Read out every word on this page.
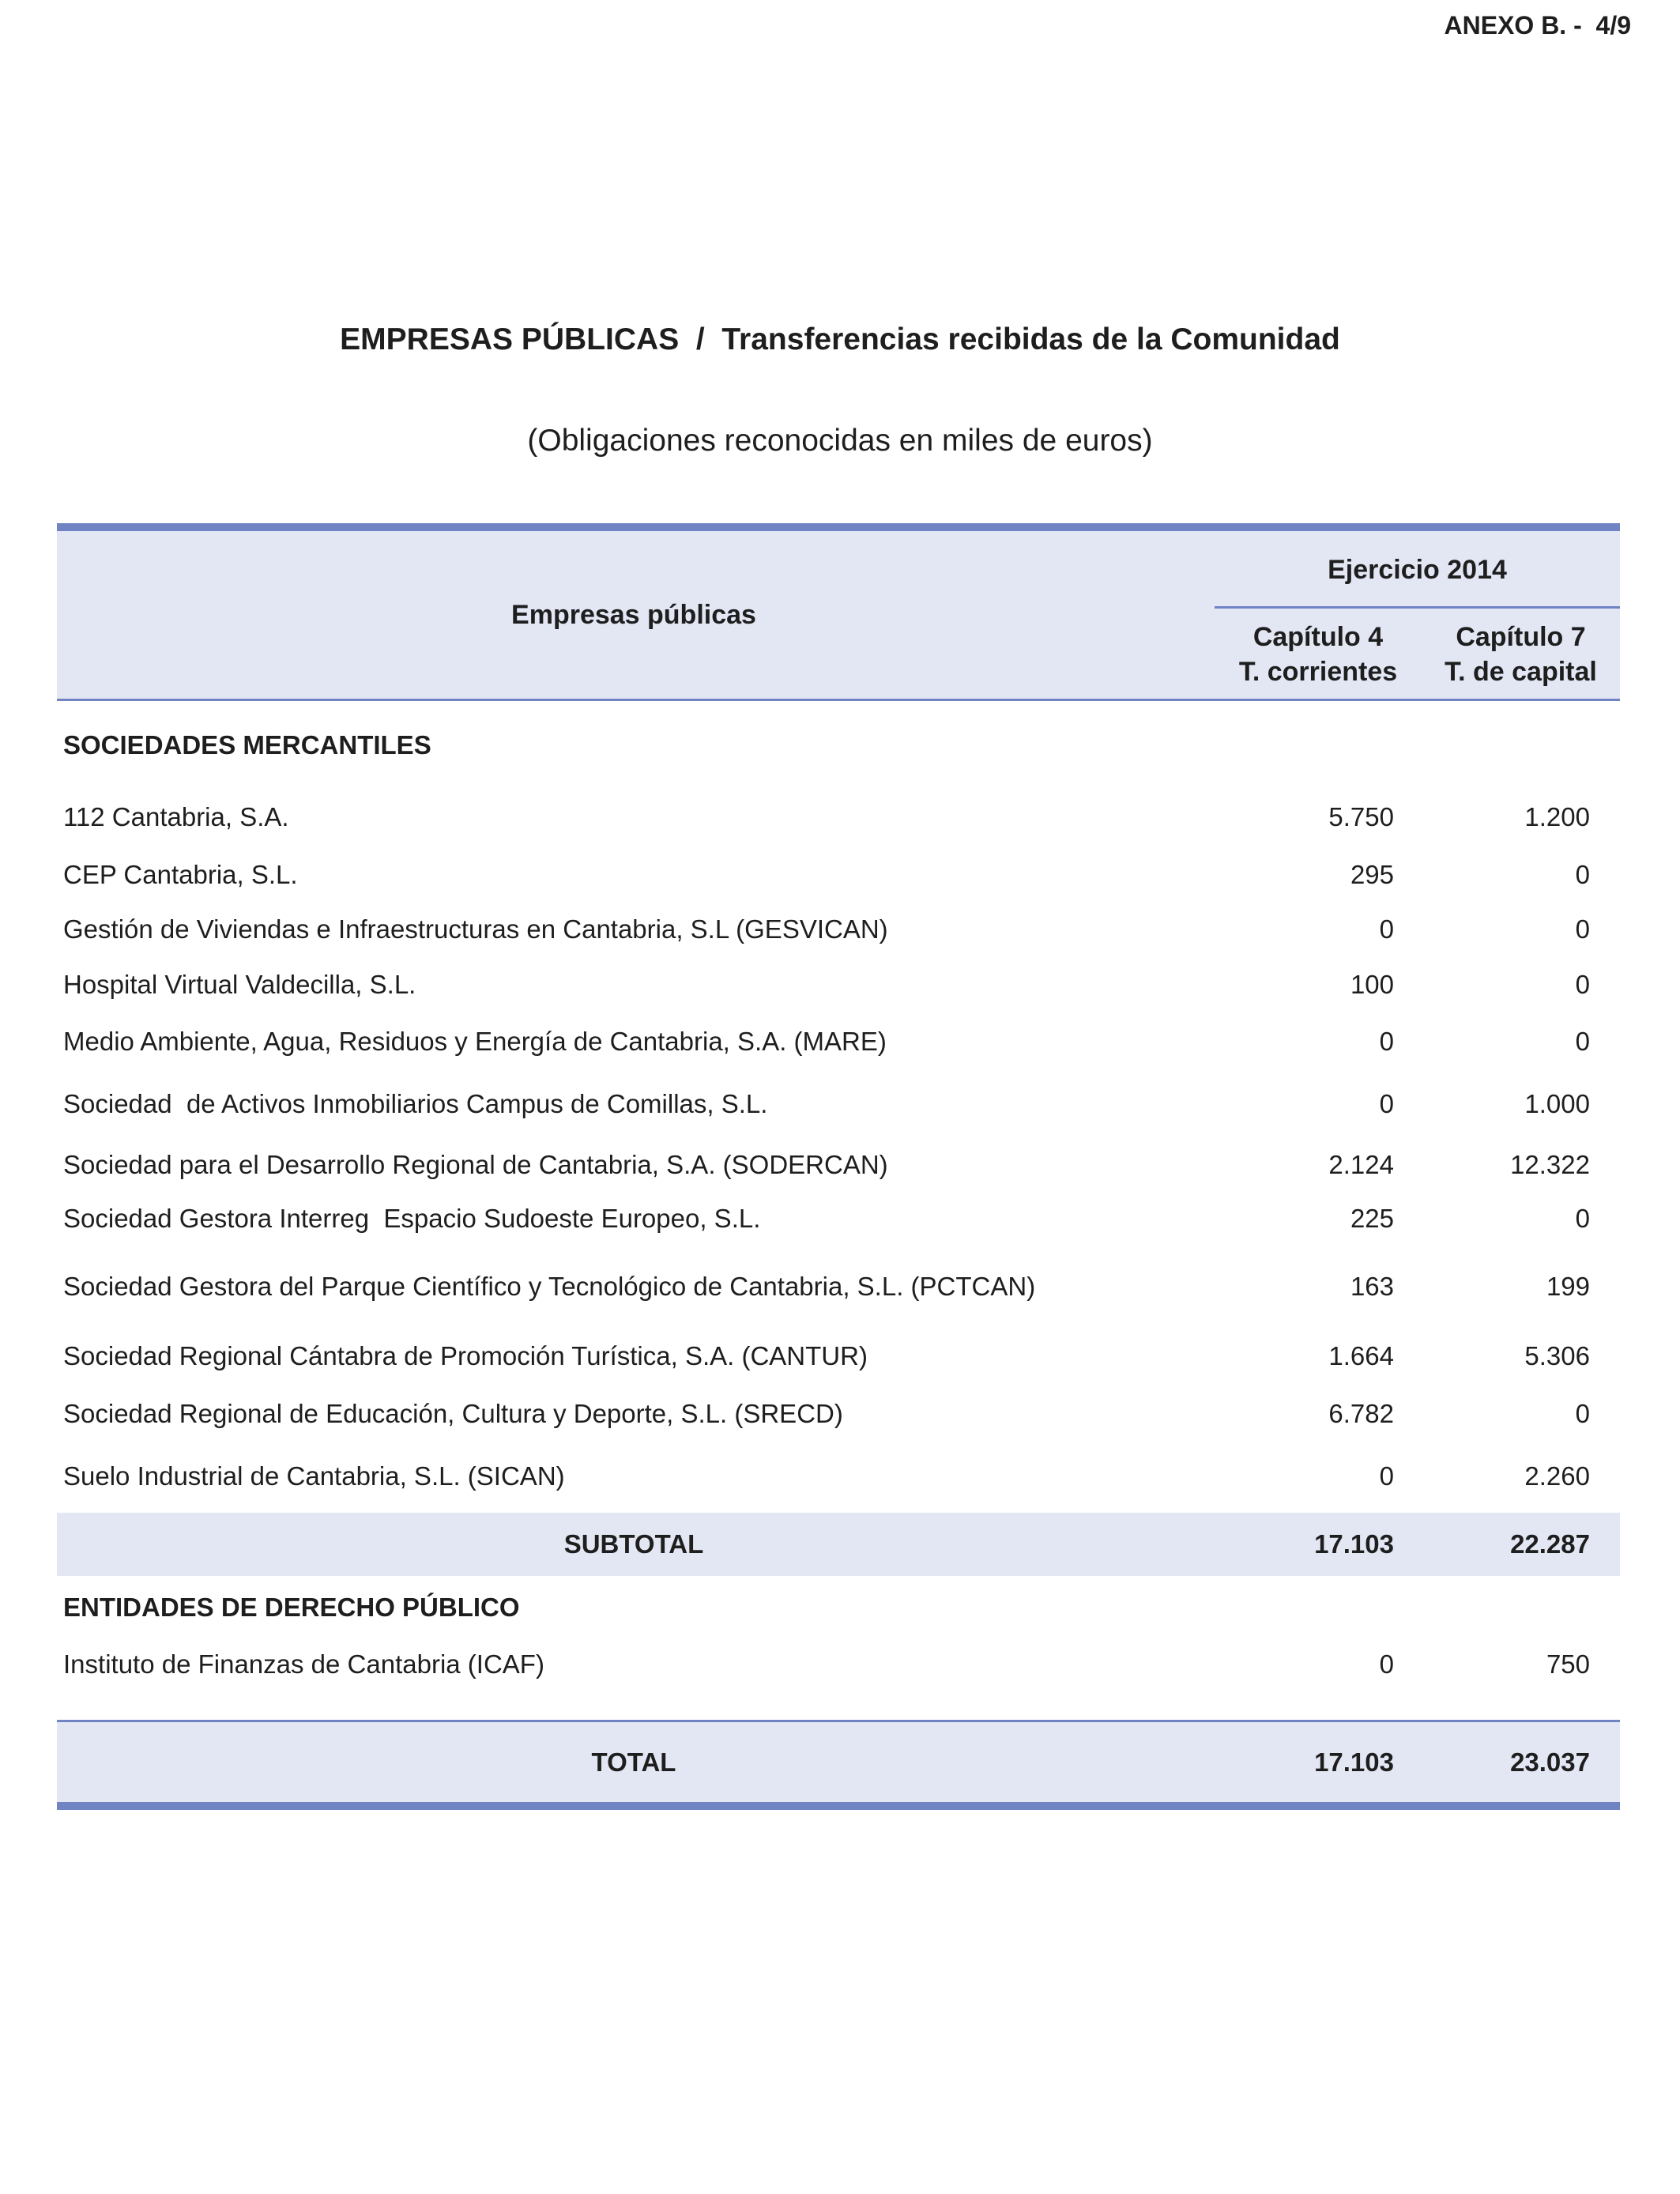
ANEXO B. -  4/9
EMPRESAS PÚBLICAS  /  Transferencias recibidas de la Comunidad
(Obligaciones reconocidas en miles de euros)
Empresas públicas
Ejercicio 2014
Capítulo 4
T. corrientes
Capítulo 7
T. de capital
SOCIEDADES MERCANTILES
112 Cantabria, S.A.	5.750	1.200
CEP Cantabria, S.L.	295	0
Gestión de Viviendas e Infraestructuras en Cantabria, S.L (GESVICAN)	0	0
Hospital Virtual Valdecilla, S.L.	100	0
Medio Ambiente, Agua, Residuos y Energía de Cantabria, S.A. (MARE)	0	0
Sociedad  de Activos Inmobiliarios Campus de Comillas, S.L.	0	1.000
Sociedad para el Desarrollo Regional de Cantabria, S.A. (SODERCAN)	2.124	12.322
Sociedad Gestora Interreg  Espacio Sudoeste Europeo, S.L.	225	0
Sociedad Gestora del Parque Científico y Tecnológico de Cantabria, S.L. (PCTCAN)	163	199
Sociedad Regional Cántabra de Promoción Turística, S.A. (CANTUR)	1.664	5.306
Sociedad Regional de Educación, Cultura y Deporte, S.L. (SRECD)	6.782	0
Suelo Industrial de Cantabria, S.L. (SICAN)	0	2.260
SUBTOTAL	17.103	22.287
ENTIDADES DE DERECHO PÚBLICO
Instituto de Finanzas de Cantabria (ICAF)	0	750
TOTAL	17.103	23.037
